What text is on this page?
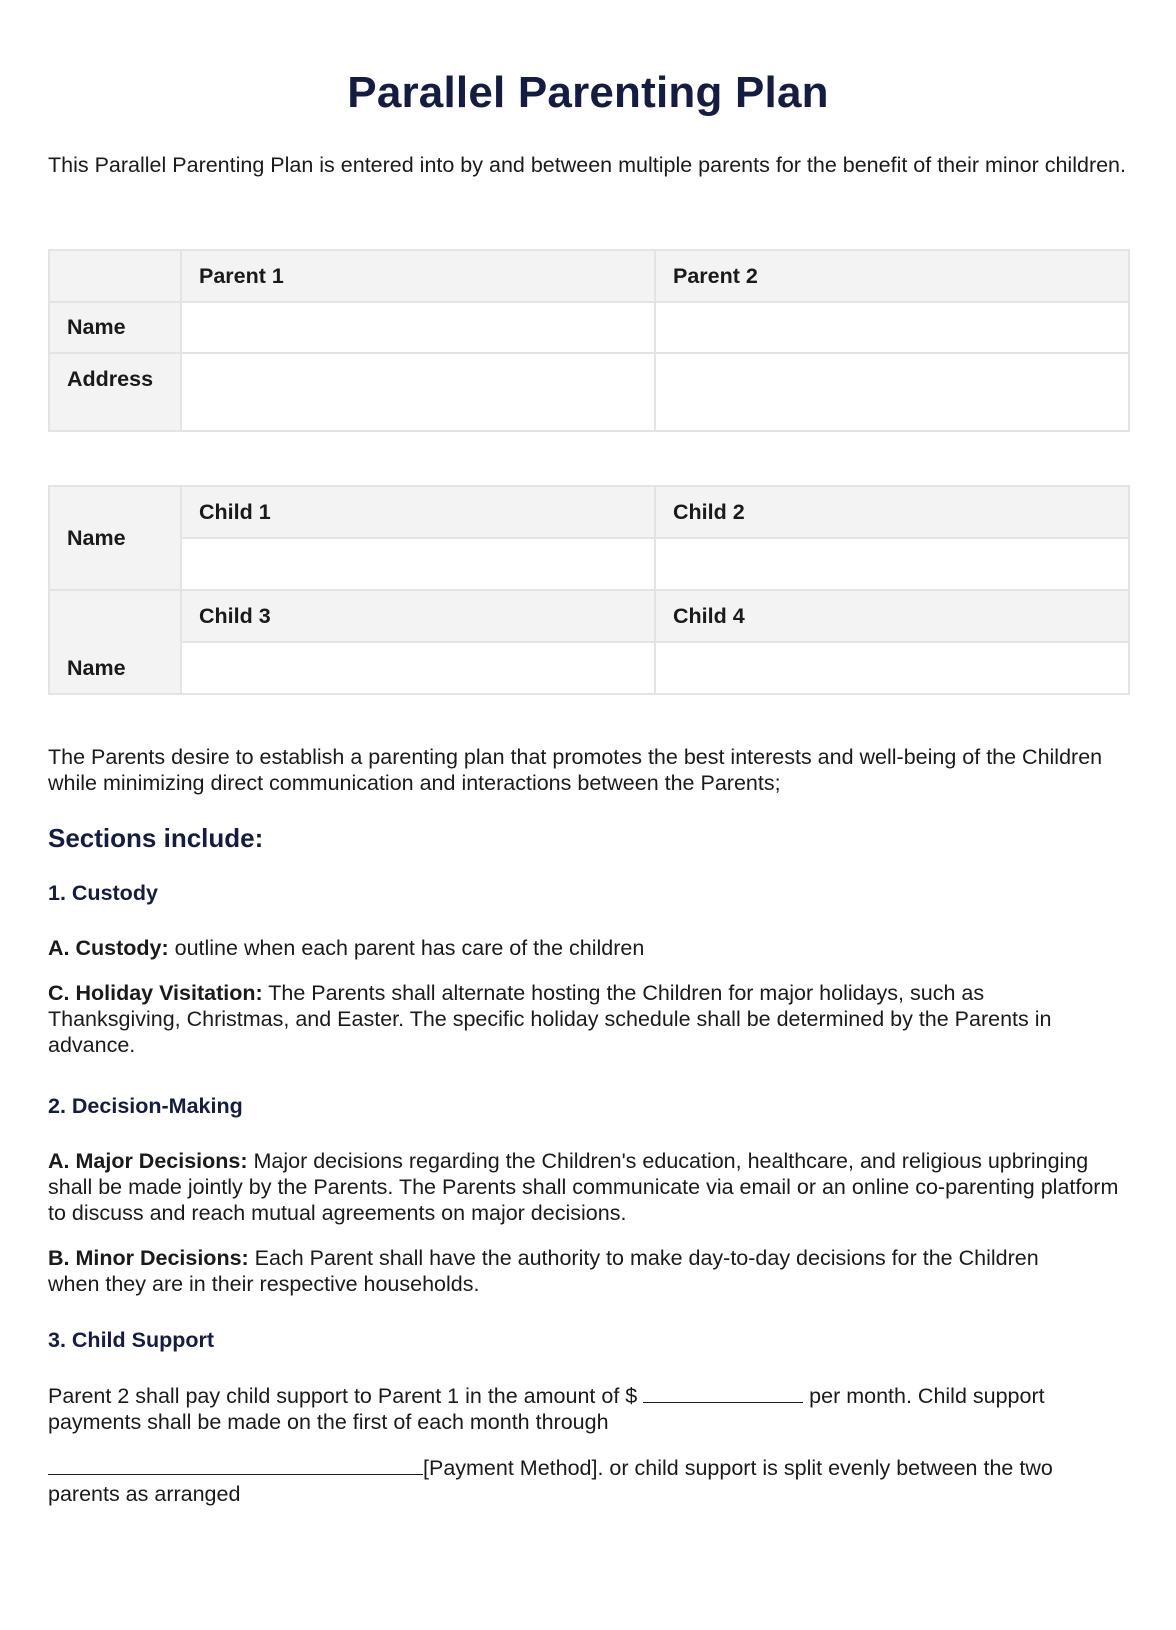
Parallel Parenting Plan

This Parallel Parenting Plan is entered into by and between multiple parents for the benefit of their minor children.

	Parent 1	Parent 2
Name		
Address		
Name	Child 1	Child 2

Name	Child 3	Child 4

The Parents desire to establish a parenting plan that promotes the best interests and well-being of the Children while minimizing direct communication and interactions between the Parents;

Sections include:
1. Custody

A. Custody: outline when each parent has care of the children

C. Holiday Visitation: The Parents shall alternate hosting the Children for major holidays, such as Thanksgiving, Christmas, and Easter. The specific holiday schedule shall be determined by the Parents in advance.

2. Decision-Making

A. Major Decisions: Major decisions regarding the Children's education, healthcare, and religious upbringing shall be made jointly by the Parents. The Parents shall communicate via email or an online co-parenting platform to discuss and reach mutual agreements on major decisions.

B. Minor Decisions: Each Parent shall have the authority to make day-to-day decisions for the Children when they are in their respective households.

3. Child Support

Parent 2 shall pay child support to Parent 1 in the amount of $	per month. Child support payments shall be made on the first of each month through

[Payment Method]. or child support is split evenly between the two parents as arranged
